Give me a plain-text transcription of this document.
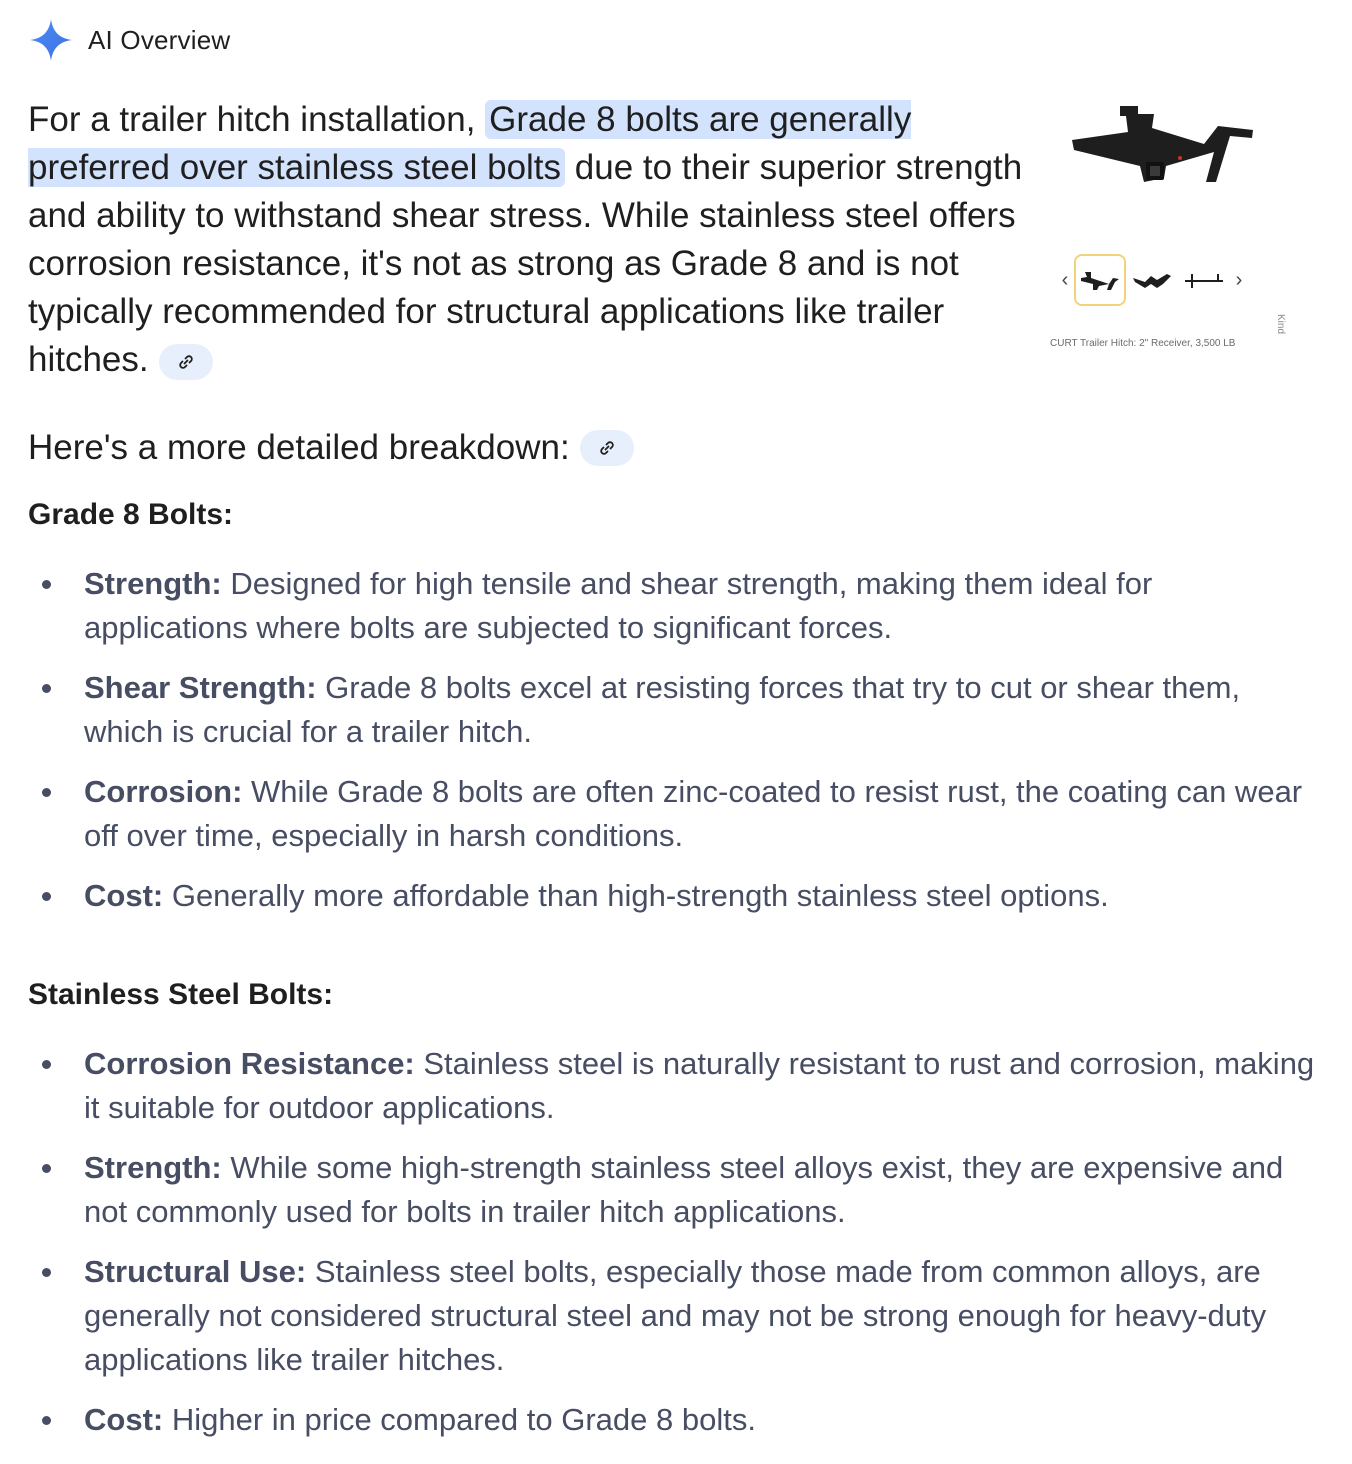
AI Overview
For a trailer hitch installation, Grade 8 bolts are generally preferred over stainless steel bolts due to their superior strength and ability to withstand shear stress. While stainless steel offers corrosion resistance, it's not as strong as Grade 8 and is not typically recommended for structural applications like trailer hitches.
‹	›
Kind
CURT Trailer Hitch: 2" Receiver, 3,500 LB
Here's a more detailed breakdown:
Grade 8 Bolts:
Strength: Designed for high tensile and shear strength, making them ideal for applications where bolts are subjected to significant forces.
Shear Strength: Grade 8 bolts excel at resisting forces that try to cut or shear them, which is crucial for a trailer hitch.
Corrosion: While Grade 8 bolts are often zinc-coated to resist rust, the coating can wear off over time, especially in harsh conditions.
Cost: Generally more affordable than high-strength stainless steel options.
Stainless Steel Bolts:
Corrosion Resistance: Stainless steel is naturally resistant to rust and corrosion, making it suitable for outdoor applications.
Strength: While some high-strength stainless steel alloys exist, they are expensive and not commonly used for bolts in trailer hitch applications.
Structural Use: Stainless steel bolts, especially those made from common alloys, are generally not considered structural steel and may not be strong enough for heavy-duty applications like trailer hitches.
Cost: Higher in price compared to Grade 8 bolts.
